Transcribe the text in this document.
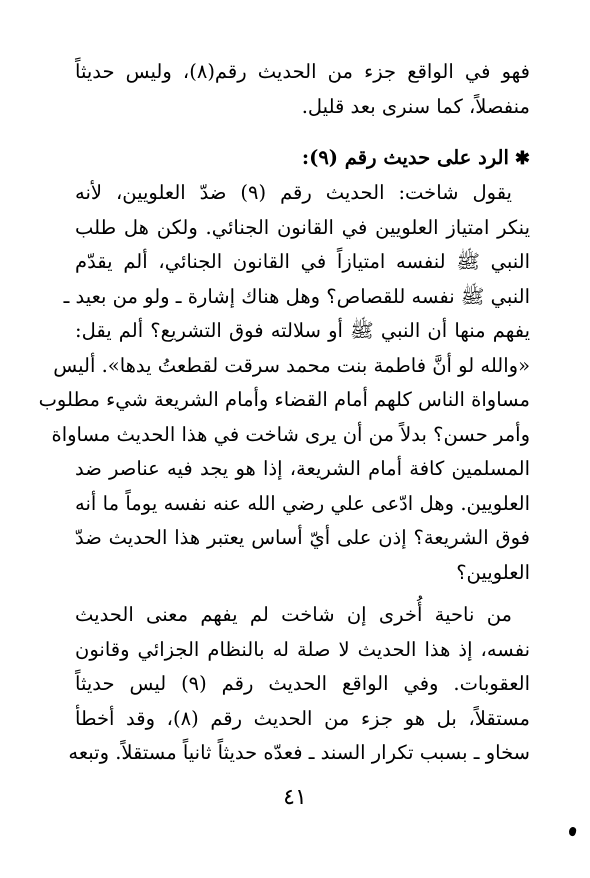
فهو في الواقع جزء من الحديث رقم(٨)، وليس حديثاً
منفصلاً، كما سنرى بعد قليل.
✱الرد على حديث رقم (٩):
يقول شاخت: الحديث رقم (٩) ضدّ العلويين، لأنه
ينكر امتياز العلويين في القانون الجنائي. ولكن هل طلب
النبي ﷺ لنفسه امتيازاً في القانون الجنائي، ألم يقدّم
النبي ﷺ نفسه للقصاص؟ وهل هناك إشارة ـ ولو من بعيد ـ
يفهم منها أن النبي ﷺ أو سلالته فوق التشريع؟ ألم يقل:
«والله لو أنَّ فاطمة بنت محمد سرقت لقطعتُ يدها». أليس
مساواة الناس كلهم أمام القضاء وأمام الشريعة شيء مطلوب
وأمر حسن؟ بدلاً من أن يرى شاخت في هذا الحديث مساواة
المسلمين كافة أمام الشريعة، إذا هو يجد فيه عناصر ضد
العلويين. وهل ادّعى علي رضي الله عنه نفسه يوماً ما أنه
فوق الشريعة؟ إذن على أيّ أساس يعتبر هذا الحديث ضدّ
العلويين؟
من ناحية أُخرى إن شاخت لم يفهم معنى الحديث
نفسه، إذ هذا الحديث لا صلة له بالنظام الجزائي وقانون
العقوبات. وفي الواقع الحديث رقم (٩) ليس حديثاً
مستقلاً، بل هو جزء من الحديث رقم (٨)، وقد أخطأ
سخاو ـ بسبب تكرار السند ـ فعدّه حديثاً ثانياً مستقلاً. وتبعه
٤١
